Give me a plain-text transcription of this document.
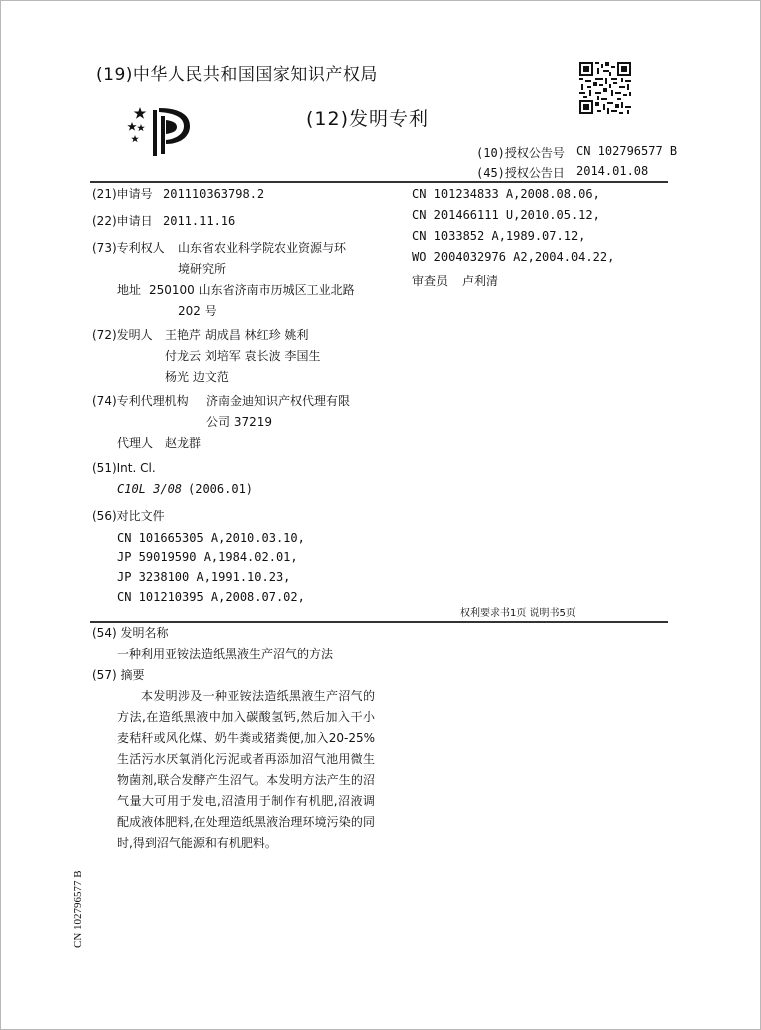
(19)中华人民共和国国家知识产权局
(12)发明专利
(10)授权公告号 CN 102796577 B
(45)授权公告日 2014.01.08
(21)申请号 201110363798.2
(22)申请日 2011.11.16
(73)专利权人 山东省农业科学院农业资源与环
境研究所
地址 250100 山东省济南市历城区工业北路
202 号
(72)发明人 王艳芹 胡成昌 林红珍 姚利
付龙云 刘培军 袁长波 李国生
杨光 边文范
(74)专利代理机构 济南金迪知识产权代理有限
公司 37219
代理人 赵龙群
(51)Int. Cl.
C10L 3/08 (2006.01)
(56)对比文件
CN 101665305 A,2010.03.10,
JP 59019590 A,1984.02.01,
JP 3238100 A,1991.10.23,
CN 101210395 A,2008.07.02,
CN 101234833 A,2008.08.06,
CN 201466111 U,2010.05.12,
CN 1033852 A,1989.07.12,
WO 2004032976 A2,2004.04.22,
审查员 卢利清
权利要求书1页 说明书5页
(54) 发明名称
一种利用亚铵法造纸黑液生产沼气的方法
(57) 摘要
本发明涉及一种亚铵法造纸黑液生产沼气的方法,在造纸黑液中加入碳酸氢钙,然后加入干小麦秸秆或风化煤、奶牛粪或猪粪便,加入20-25%生活污水厌氧消化污泥或者再添加沼气池用微生物菌剂,联合发酵产生沼气。本发明方法产生的沼气量大可用于发电,沼渣用于制作有机肥,沼液调配成液体肥料,在处理造纸黑液治理环境污染的同时,得到沼气能源和有机肥料。
CN 102796577 B
